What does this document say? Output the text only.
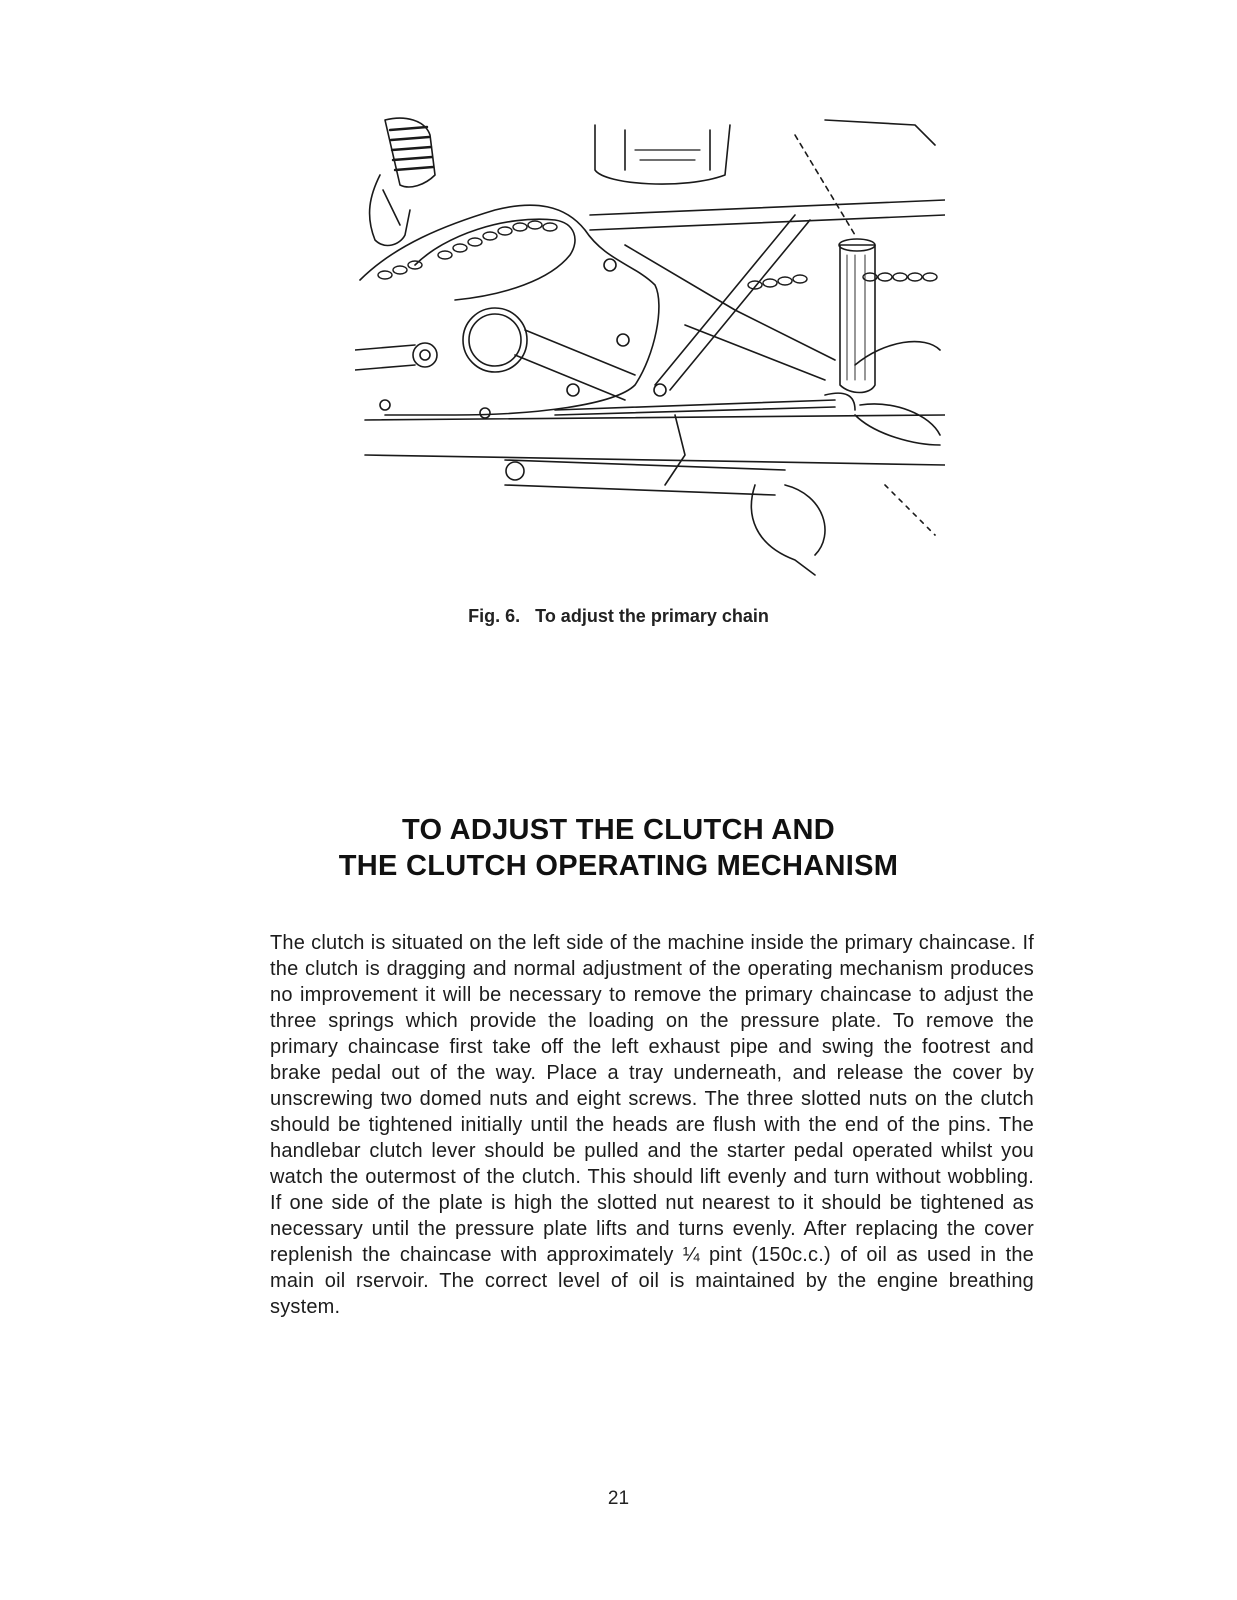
Fig. 6. To adjust the primary chain
TO ADJUST THE CLUTCH AND
THE CLUTCH OPERATING MECHANISM

The clutch is situated on the left side of the machine inside the primary chaincase. If the clutch is dragging and normal adjustment of the operating mechanism produces no improvement it will be necessary to remove the primary chaincase to adjust the three springs which provide the loading on the pressure plate. To remove the primary chaincase first take off the left exhaust pipe and swing the footrest and brake pedal out of the way. Place a tray underneath, and release the cover by unscrewing two domed nuts and eight screws. The three slotted nuts on the clutch should be tightened initially until the heads are flush with the end of the pins. The handlebar clutch lever should be pulled and the starter pedal operated whilst you watch the outermost of the clutch. This should lift evenly and turn without wobbling. If one side of the plate is high the slotted nut nearest to it should be tightened as necessary until the pressure plate lifts and turns evenly. After replacing the cover replenish the chaincase with approximately ¼ pint (150c.c.) of oil as used in the main oil rservoir. The correct level of oil is maintained by the engine breathing system.

21
